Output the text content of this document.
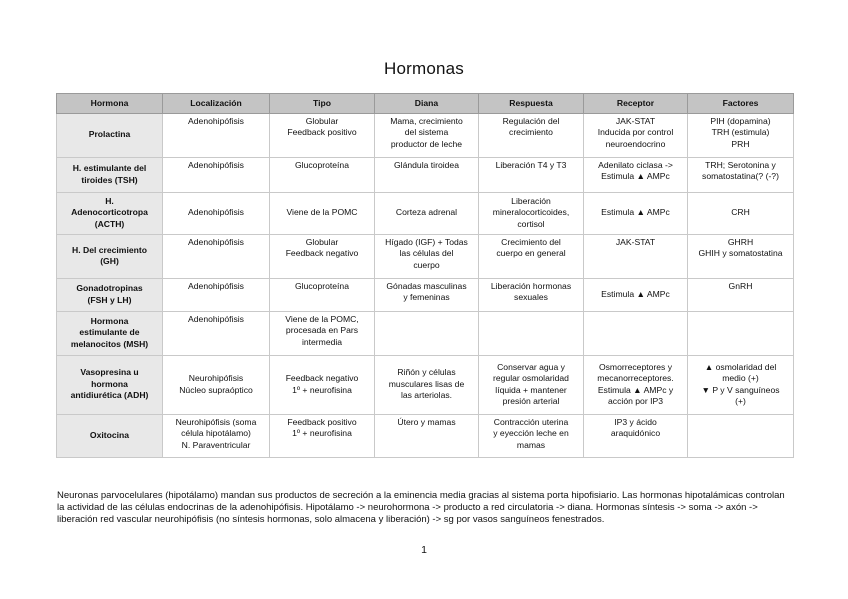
Hormonas
Hormona	Localización	Tipo	Diana	Respuesta	Receptor	Factores

Prolactina	Adenohipófisis	Globular
Feedback positivo	Mama, crecimiento
del sistema
productor de leche	Regulación del
crecimiento	JAK-STAT
Inducida por control
neuroendocrino	PIH (dopamina)
TRH (estimula)
PRH

H. estimulante del
tiroides (TSH)	Adenohipófisis	Glucoproteína	Glándula tiroidea	Liberación T4 y T3	Adenilato ciclasa ->
Estimula ▲ AMPc	TRH; Serotonina y
somatostatina(? (-?)

H.
Adenocorticotropa
(ACTH)	Adenohipófisis	Viene de la POMC	Corteza adrenal	Liberación
mineralocorticoides,
cortisol	Estimula ▲ AMPc	CRH

H. Del crecimiento
(GH)	Adenohipófisis	Globular
Feedback negativo	Hígado (IGF) + Todas
las células del
cuerpo	Crecimiento del
cuerpo en general	JAK-STAT	GHRH
GHIH y somatostatina

Gonadotropinas
(FSH y LH)	Adenohipófisis	Glucoproteína	Gónadas masculinas
y femeninas	Liberación hormonas
sexuales	Estimula ▲ AMPc	GnRH

Hormona
estimulante de
melanocitos (MSH)	Adenohipófisis	Viene de la POMC,
procesada en Pars
intermedia				

Vasopresina u
hormona
antidiurética (ADH)	Neurohipófisis
Núcleo supraóptico	Feedback negativo
1º + neurofisina	Riñón y células
musculares lisas de
las arteriolas.	Conservar agua y
regular osmolaridad
líquida + mantener
presión arterial	Osmorreceptores y
mecanorreceptores.
Estimula ▲ AMPc y
acción por IP3	▲ osmolaridad del
medio (+)
▼ P y V sanguíneos
(+)

Oxitocina	Neurohipófisis (soma
célula hipotálamo)
N. Paraventricular	Feedback positivo
1º + neurofisina	Útero y mamas	Contracción uterina
y eyección leche en
mamas	IP3 y ácido
araquidónico	

Neuronas parvocelulares (hipotálamo) mandan sus productos de secreción a la eminencia media gracias al sistema porta hipofisiario. Las hormonas hipotalámicas controlan la actividad de las células endocrinas de la adenohipófisis. Hipotálamo -> neurohormona -> producto a red circulatoria -> diana. Hormonas síntesis -> soma -> axón -> liberación red vascular neurohipófisis (no síntesis hormonas, solo almacena y liberación) -> sg por vasos sanguíneos fenestrados.
1
